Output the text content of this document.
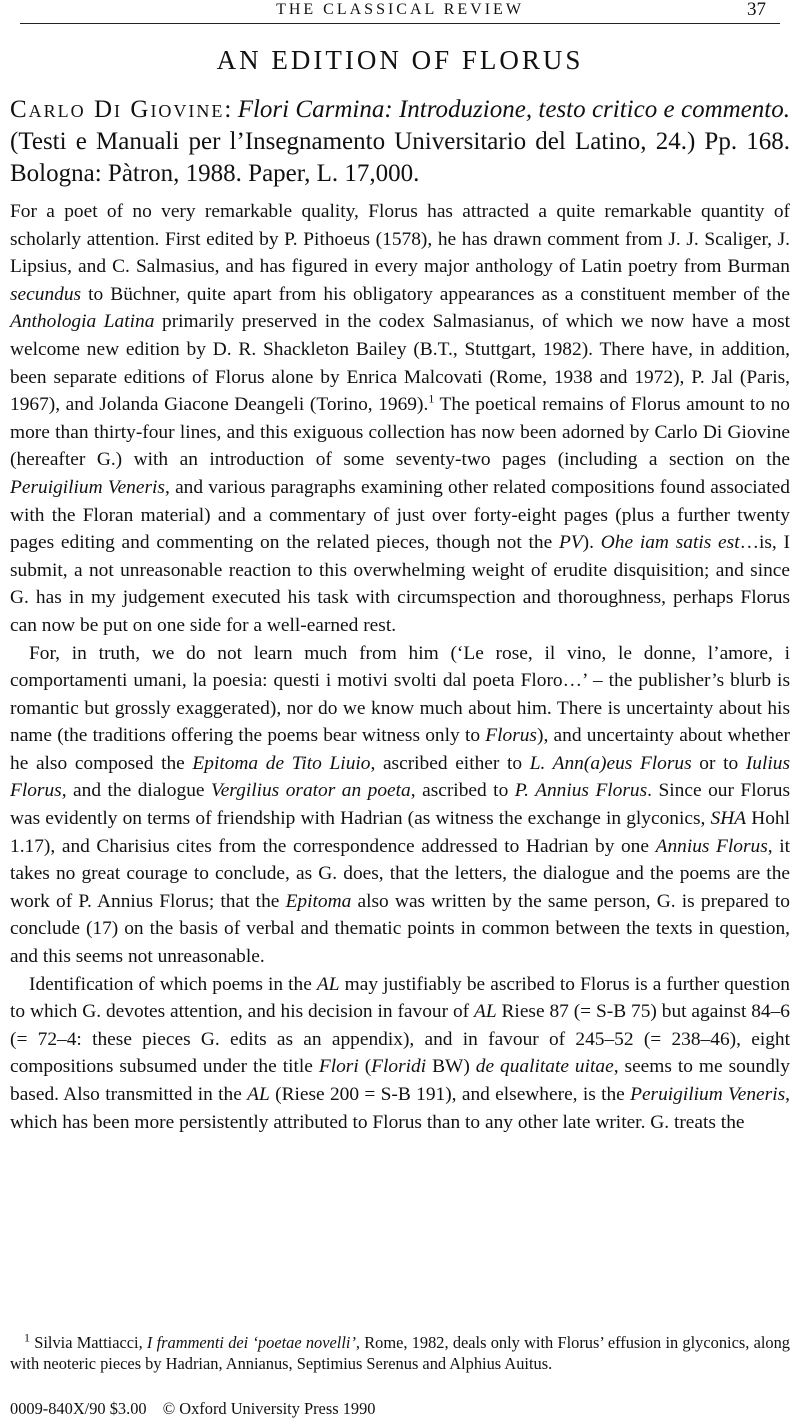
THE CLASSICAL REVIEW	37
AN EDITION OF FLORUS

Carlo Di Giovine: Flori Carmina: Introduzione, testo critico e commento. (Testi e Manuali per l’Insegnamento Universitario del Latino, 24.) Pp. 168. Bologna: Pàtron, 1988. Paper, L. 17,000.

For a poet of no very remarkable quality, Florus has attracted a quite remarkable quantity of scholarly attention. First edited by P. Pithoeus (1578), he has drawn comment from J. J. Scaliger, J. Lipsius, and C. Salmasius, and has figured in every major anthology of Latin poetry from Burman secundus to Büchner, quite apart from his obligatory appearances as a constituent member of the Anthologia Latina primarily preserved in the codex Salmasianus, of which we now have a most welcome new edition by D. R. Shackleton Bailey (B.T., Stuttgart, 1982). There have, in addition, been separate editions of Florus alone by Enrica Malcovati (Rome, 1938 and 1972), P. Jal (Paris, 1967), and Jolanda Giacone Deangeli (Torino, 1969).$^1$ The poetical remains of Florus amount to no more than thirty-four lines, and this exiguous collection has now been adorned by Carlo Di Giovine (hereafter G.) with an introduction of some seventy-two pages (including a section on the Peruigilium Veneris, and various paragraphs examining other related compositions found associated with the Floran material) and a commentary of just over forty-eight pages (plus a further twenty pages editing and commenting on the related pieces, though not the PV). Ohe iam satis est…is, I submit, a not unreasonable reaction to this overwhelming weight of erudite disquisition; and since G. has in my judgement executed his task with circumspection and thoroughness, perhaps Florus can now be put on one side for a well-earned rest.

For, in truth, we do not learn much from him (‘Le rose, il vino, le donne, l’amore, i comportamenti umani, la poesia: questi i motivi svolti dal poeta Floro…’ – the publisher’s blurb is romantic but grossly exaggerated), nor do we know much about him. There is uncertainty about his name (the traditions offering the poems bear witness only to Florus), and uncertainty about whether he also composed the Epitoma de Tito Liuio, ascribed either to L. Ann(a)eus Florus or to Iulius Florus, and the dialogue Vergilius orator an poeta, ascribed to P. Annius Florus. Since our Florus was evidently on terms of friendship with Hadrian (as witness the exchange in glyconics, SHA Hohl 1.17), and Charisius cites from the correspondence addressed to Hadrian by one Annius Florus, it takes no great courage to conclude, as G. does, that the letters, the dialogue and the poems are the work of P. Annius Florus; that the Epitoma also was written by the same person, G. is prepared to conclude (17) on the basis of verbal and thematic points in common between the texts in question, and this seems not unreasonable.

Identification of which poems in the AL may justifiably be ascribed to Florus is a further question to which G. devotes attention, and his decision in favour of AL Riese 87 (= S-B 75) but against 84–6 (= 72–4: these pieces G. edits as an appendix), and in favour of 245–52 (= 238–46), eight compositions subsumed under the title Flori (Floridi BW) de qualitate uitae, seems to me soundly based. Also transmitted in the AL (Riese 200 = S-B 191), and elsewhere, is the Peruigilium Veneris, which has been more persistently attributed to Florus than to any other late writer. G. treats the

$^1$ Silvia Mattiacci, I frammenti dei ‘poetae novelli’, Rome, 1982, deals only with Florus’ effusion in glyconics, along with neoteric pieces by Hadrian, Annianus, Septimius Serenus and Alphius Auitus.

0009-840X/90 $3.00 © Oxford University Press 1990
